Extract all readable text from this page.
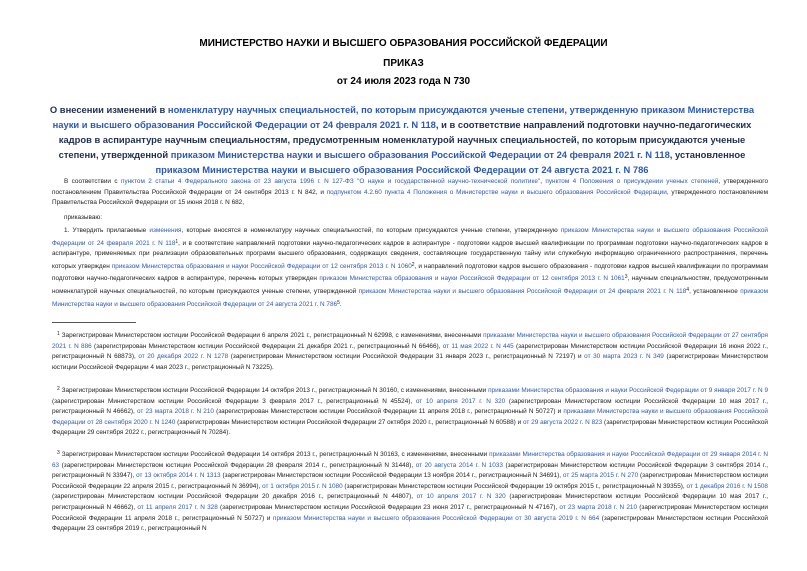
МИНИСТЕРСТВО НАУКИ И ВЫСШЕГО ОБРАЗОВАНИЯ РОССИЙСКОЙ ФЕДЕРАЦИИ
ПРИКАЗ
от 24 июля 2023 года N 730
О внесении изменений в номенклатуру научных специальностей, по которым присуждаются ученые степени, утвержденную приказом Министерства науки и высшего образования Российской Федерации от 24 февраля 2021 г. N 118, и в соответствие направлений подготовки научно-педагогических кадров в аспирантуре научным специальностям, предусмотренным номенклатурой научных специальностей, по которым присуждаются ученые степени, утвержденной приказом Министерства науки и высшего образования Российской Федерации от 24 февраля 2021 г. N 118, установленное приказом Министерства науки и высшего образования Российской Федерации от 24 августа 2021 г. N 786
В соответствии с пунктом 2 статьи 4 Федерального закона от 23 августа 1996 г. N 127-ФЗ "О науке и государственной научно-технической политике", пунктом 4 Положения о присуждении ученых степеней, утвержденного постановлением Правительства Российской Федерации от 24 сентября 2013 г. N 842, и подпунктом 4.2.60 пункта 4 Положения о Министерстве науки и высшего образования Российской Федерации, утвержденного постановлением Правительства Российской Федерации от 15 июня 2018 г. N 682,
приказываю:
1. Утвердить прилагаемые изменения, которые вносятся в номенклатуру научных специальностей, по которым присуждаются ученые степени, утвержденную приказом Министерства науки и высшего образования Российской Федерации от 24 февраля 2021 г. N $118^1$, и в соответствие направлений подготовки научно-педагогических кадров в аспирантуре - подготовки кадров высшей квалификации по программам подготовки научно-педагогических кадров в аспирантуре, применяемых при реализации образовательных программ высшего образования, содержащих сведения, составляющие государственную тайну или служебную информацию ограниченного распространения, перечень которых утвержден приказом Министерства образования и науки Российской Федерации от 12 сентября 2013 г. N 1060$^2$, и направлений подготовки кадров высшего образования - подготовки кадров высшей квалификации по программам подготовки научно-педагогических кадров в аспирантуре, перечень которых утвержден приказом Министерства образования и науки Российской Федерации от 12 сентября 2013 г. N 1061$^3$, научным специальностям, предусмотренным номенклатурой научных специальностей, по которым присуждаются ученые степени, утвержденной приказом Министерства науки и высшего образования Российской Федерации от 24 февраля 2021 г. N $118^4$, установленное приказом Министерства науки и высшего образования Российской Федерации от 24 августа 2021 г. N $786^5$.
$^1$ Зарегистрирован Министерством юстиции Российской Федерации 6 апреля 2021 г., регистрационный N 62998, с изменениями, внесенными приказами Министерства науки и высшего образования Российской Федерации от 27 сентября 2021 г. N 886 (зарегистрирован Министерством юстиции Российской Федерации 21 декабря 2021 г., регистрационный N 66466), от 11 мая 2022 г. N 445 (зарегистрирован Министерством юстиции Российской Федерации 16 июня 2022 г., регистрационный N 68873), от 20 декабря 2022 г. N 1278 (зарегистрирован Министерством юстиции Российской Федерации 31 января 2023 г., регистрационный N 72197) и от 30 марта 2023 г. N 349 (зарегистрирован Министерством юстиции Российской Федерации 4 мая 2023 г., регистрационный N 73225).
$^2$ Зарегистрирован Министерством юстиции Российской Федерации 14 октября 2013 г., регистрационный N 30160, с изменениями, внесенными приказами Министерства образования и науки Российской Федерации от 9 января 2017 г. N 9 (зарегистрирован Министерством юстиции Российской Федерации 3 февраля 2017 г., регистрационный N 45524), от 10 апреля 2017 г. N 320 (зарегистрирован Министерством юстиции Российской Федерации 10 мая 2017 г., регистрационный N 46662), от 23 марта 2018 г. N 210 (зарегистрирован Министерством юстиции Российской Федерации 11 апреля 2018 г., регистрационный N 50727) и приказами Министерства науки и высшего образования Российской Федерации от 28 сентября 2020 г. N 1240 (зарегистрирован Министерством юстиции Российской Федерации 27 октября 2020 г., регистрационный N 60588) и от 29 августа 2022 г. N 823 (зарегистрирован Министерством юстиции Российской Федерации 29 сентября 2022 г., регистрационный N 70284).
$^3$ Зарегистрирован Министерством юстиции Российской Федерации 14 октября 2013 г., регистрационный N 30163, с изменениями, внесенными приказами Министерства образования и науки Российской Федерации от 29 января 2014 г. N 63 (зарегистрирован Министерством юстиции Российской Федерации 28 февраля 2014 г., регистрационный N 31448), от 20 августа 2014 г. N 1033 (зарегистрирован Министерством юстиции Российской Федерации 3 сентября 2014 г., регистрационный N 33947), от 13 октября 2014 г. N 1313 (зарегистрирован Министерством юстиции Российской Федерации 13 ноября 2014 г., регистрационный N 34691), от 25 марта 2015 г. N 270 (зарегистрирован Министерством юстиции Российской Федерации 22 апреля 2015 г., регистрационный N 36994), от 1 октября 2015 г. N 1080 (зарегистрирован Министерством юстиции Российской Федерации 19 октября 2015 г., регистрационный N 39355), от 1 декабря 2016 г. N 1508 (зарегистрирован Министерством юстиции Российской Федерации 20 декабря 2016 г., регистрационный N 44807), от 10 апреля 2017 г. N 320 (зарегистрирован Министерством юстиции Российской Федерации 10 мая 2017 г., регистрационный N 46662), от 11 апреля 2017 г. N 328 (зарегистрирован Министерством юстиции Российской Федерации 23 июня 2017 г., регистрационный N 47167), от 23 марта 2018 г. N 210 (зарегистрирован Министерством юстиции Российской Федерации 11 апреля 2018 г., регистрационный N 50727) и приказом Министерства науки и высшего образования Российской Федерации от 30 августа 2019 г. N 664 (зарегистрирован Министерством юстиции Российской Федерации 23 сентября 2019 г., регистрационный N
